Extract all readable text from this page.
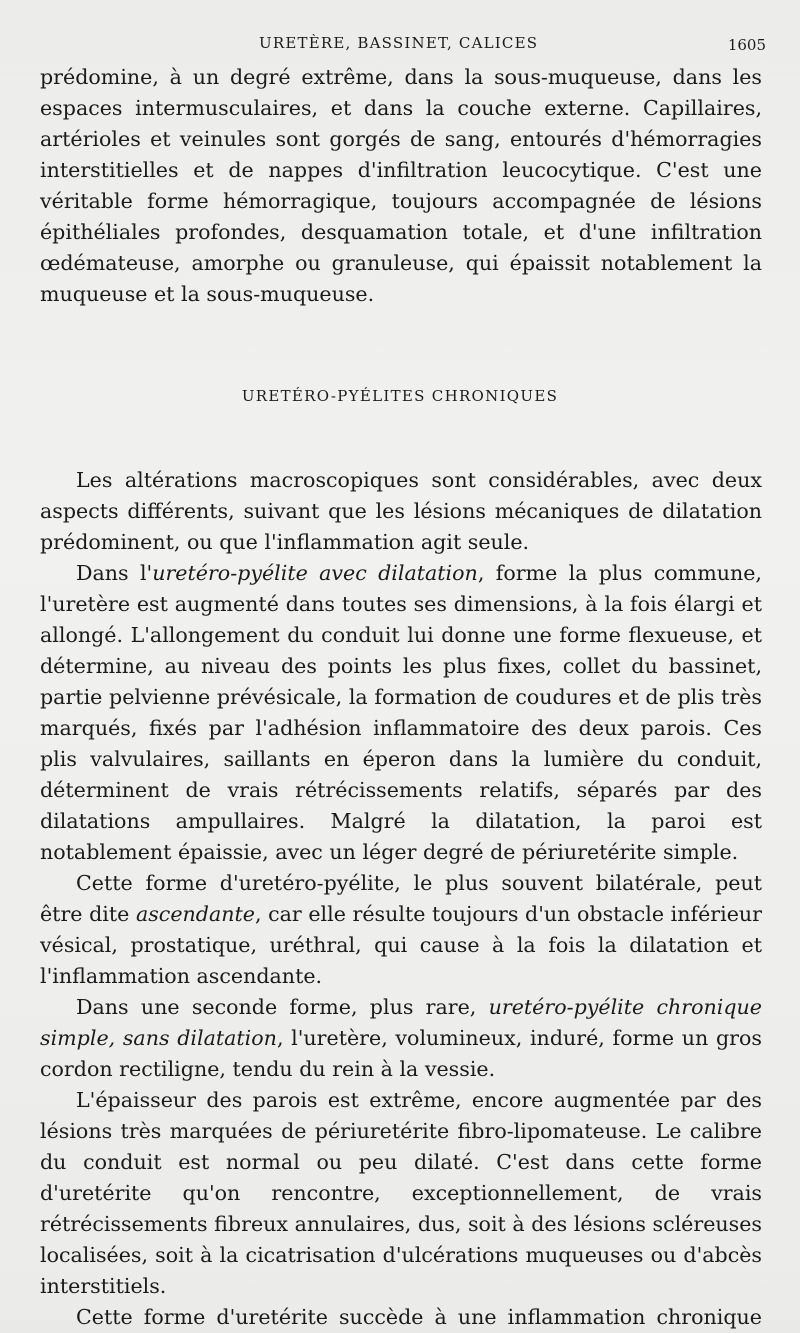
URETÈRE, BASSINET, CALICES	1605

prédomine, à un degré extrême, dans la sous-muqueuse, dans les espaces intermusculaires, et dans la couche externe. Capillaires, artérioles et veinules sont gorgés de sang, entourés d'hémorragies interstitielles et de nappes d'infiltration leucocytique. C'est une véritable forme hémorragique, toujours accompagnée de lésions épithéliales profondes, desquamation totale, et d'une infiltration œdémateuse, amorphe ou granuleuse, qui épaissit notablement la muqueuse et la sous-muqueuse.

URETÉRO-PYÉLITES CHRONIQUES

Les altérations macroscopiques sont considérables, avec deux aspects différents, suivant que les lésions mécaniques de dilatation prédominent, ou que l'inflammation agit seule.

Dans l'uretéro-pyélite avec dilatation, forme la plus commune, l'uretère est augmenté dans toutes ses dimensions, à la fois élargi et allongé. L'allongement du conduit lui donne une forme flexueuse, et détermine, au niveau des points les plus fixes, collet du bassinet, partie pelvienne prévésicale, la formation de coudures et de plis très marqués, fixés par l'adhésion inflammatoire des deux parois. Ces plis valvulaires, saillants en éperon dans la lumière du conduit, déterminent de vrais rétrécissements relatifs, séparés par des dilatations ampullaires. Malgré la dilatation, la paroi est notablement épaissie, avec un léger degré de périuretérite simple.

Cette forme d'uretéro-pyélite, le plus souvent bilatérale, peut être dite ascendante, car elle résulte toujours d'un obstacle inférieur vésical, prostatique, uréthral, qui cause à la fois la dilatation et l'inflammation ascendante.

Dans une seconde forme, plus rare, uretéro-pyélite chronique simple, sans dilatation, l'uretère, volumineux, induré, forme un gros cordon rectiligne, tendu du rein à la vessie.

L'épaisseur des parois est extrême, encore augmentée par des lésions très marquées de périuretérite fibro-lipomateuse. Le calibre du conduit est normal ou peu dilaté. C'est dans cette forme d'uretérite qu'on rencontre, exceptionnellement, de vrais rétrécissements fibreux annulaires, dus, soit à des lésions scléreuses localisées, soit à la cicatrisation d'ulcérations muqueuses ou d'abcès interstitiels.

Cette forme d'uretérite succède à une inflammation chronique
